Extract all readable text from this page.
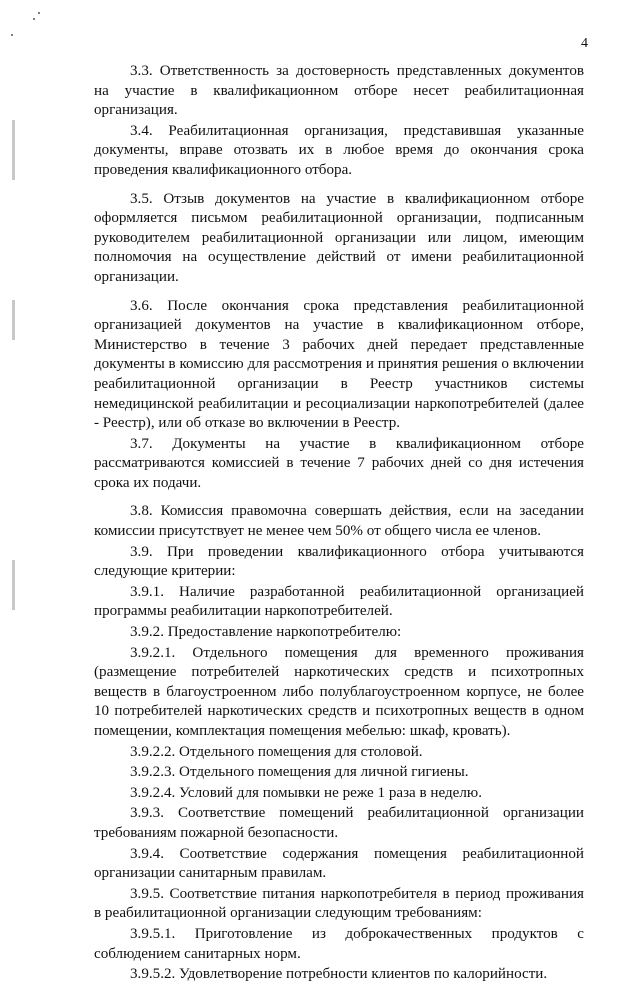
4

3.3. Ответственность за достоверность представленных документов на участие в квалификационном отборе несет реабилитационная организация.

3.4. Реабилитационная организация, представившая указанные документы, вправе отозвать их в любое время до окончания срока проведения квалификационного отбора.

3.5. Отзыв документов на участие в квалификационном отборе оформляется письмом реабилитационной организации, подписанным руководителем реабилитационной организации или лицом, имеющим полномочия на осуществление действий от имени реабилитационной организации.

3.6. После окончания срока представления реабилитационной организацией документов на участие в квалификационном отборе, Министерство в течение 3 рабочих дней передает представленные документы в комиссию для рассмотрения и принятия решения о включении реабилитационной организации в Реестр участников системы немедицинской реабилитации и ресоциализации наркопотребителей (далее - Реестр), или об отказе во включении в Реестр.

3.7. Документы на участие в квалификационном отборе рассматриваются комиссией в течение 7 рабочих дней со дня истечения срока их подачи.

3.8. Комиссия правомочна совершать действия, если на заседании комиссии присутствует не менее чем 50% от общего числа ее членов.

3.9. При проведении квалификационного отбора учитываются следующие критерии:

3.9.1. Наличие разработанной реабилитационной организацией программы реабилитации наркопотребителей.

3.9.2. Предоставление наркопотребителю:

3.9.2.1. Отдельного помещения для временного проживания (размещение потребителей наркотических средств и психотропных веществ в благоустроенном либо полублагоустроенном корпусе, не более 10 потребителей наркотических средств и психотропных веществ в одном помещении, комплектация помещения мебелью: шкаф, кровать).

3.9.2.2. Отдельного помещения для столовой.

3.9.2.3. Отдельного помещения для личной гигиены.

3.9.2.4. Условий для помывки не реже 1 раза в неделю.

3.9.3. Соответствие помещений реабилитационной организации требованиям пожарной безопасности.

3.9.4. Соответствие содержания помещения реабилитационной организации санитарным правилам.

3.9.5. Соответствие питания наркопотребителя в период проживания в реабилитационной организации следующим требованиям:

3.9.5.1. Приготовление из доброкачественных продуктов с соблюдением санитарных норм.

3.9.5.2. Удовлетворение потребности клиентов по калорийности.
